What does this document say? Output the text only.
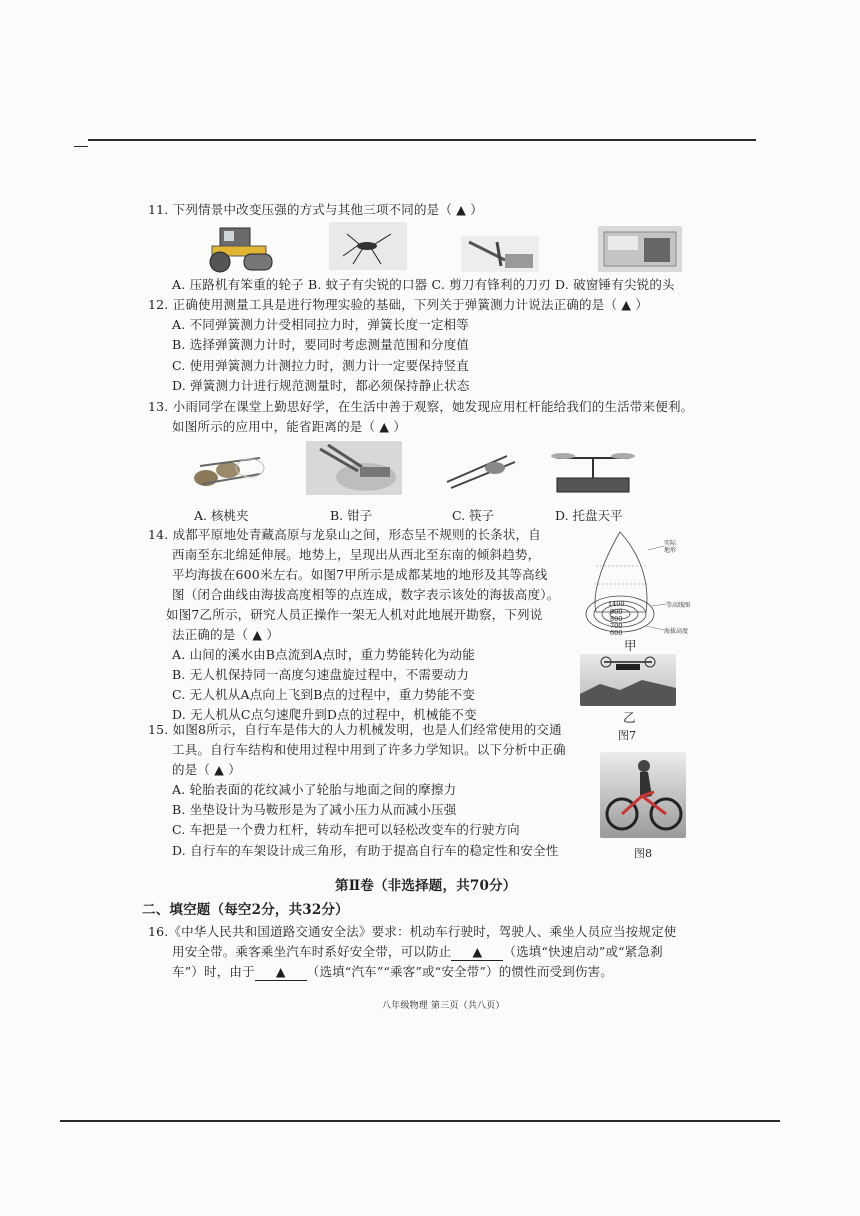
11. 下列情景中改变压强的方式与其他三项不同的是（ ▲ ）
A. 压路机有笨重的轮子 B. 蚊子有尖锐的口器 C. 剪刀有锋利的刀刃 D. 破窗锤有尖锐的头
12. 正确使用测量工具是进行物理实验的基础，下列关于弹簧测力计说法正确的是（ ▲ ）
A. 不同弹簧测力计受相同拉力时，弹簧长度一定相等
B. 选择弹簧测力计时，要同时考虑测量范围和分度值
C. 使用弹簧测力计测拉力时，测力计一定要保持竖直
D. 弹簧测力计进行规范测量时，都必须保持静止状态
13. 小雨同学在课堂上勤思好学，在生活中善于观察，她发现应用杠杆能给我们的生活带来便利。
如图所示的应用中，能省距离的是（ ▲ ）
A. 核桃夹	B. 钳子	C. 筷子	D. 托盘天平
14. 成都平原地处青藏高原与龙泉山之间，形态呈不规则的长条状，自
西南至东北绵延伸展。地势上，呈现出从西北至东南的倾斜趋势，
平均海拔在600米左右。如图7甲所示是成都某地的地形及其等高线
图（闭合曲线由海拔高度相等的点连成，数字表示该处的海拔高度）。
如图7乙所示，研究人员正操作一架无人机对此地展开勘察，下列说
法正确的是（ ▲ ）
A. 山间的溪水由B点流到A点时，重力势能转化为动能
B. 无人机保持同一高度匀速盘旋过程中，不需要动力
C. 无人机从A点向上飞到B点的过程中，重力势能不变
D. 无人机从C点匀速爬升到D点的过程中，机械能不变
1400
900
800
700
600
实际地形
等高线图
海拔高度
甲
乙
图7
15. 如图8所示，自行车是伟大的人力机械发明，也是人们经常使用的交通
工具。自行车结构和使用过程中用到了许多力学知识。以下分析中正确
的是（ ▲ ）
A. 轮胎表面的花纹减小了轮胎与地面之间的摩擦力
B. 坐垫设计为马鞍形是为了减小压力从而减小压强
C. 车把是一个费力杠杆，转动车把可以轻松改变车的行驶方向
D. 自行车的车架设计成三角形，有助于提高自行车的稳定性和安全性	图8
第Ⅱ卷（非选择题，共70分）
二、填空题（每空2分，共32分）
16.《中华人民共和国道路交通安全法》要求：机动车行驶时，驾驶人、乘坐人员应当按规定使
用安全带。乘客乘坐汽车时系好安全带，可以防止 ▲ （选填“快速启动”或“紧急刹
车”）时，由于 ▲ （选填“汽车”“乘客”或“安全带”）的惯性而受到伤害。
八年级物理 第三页（共八页）
